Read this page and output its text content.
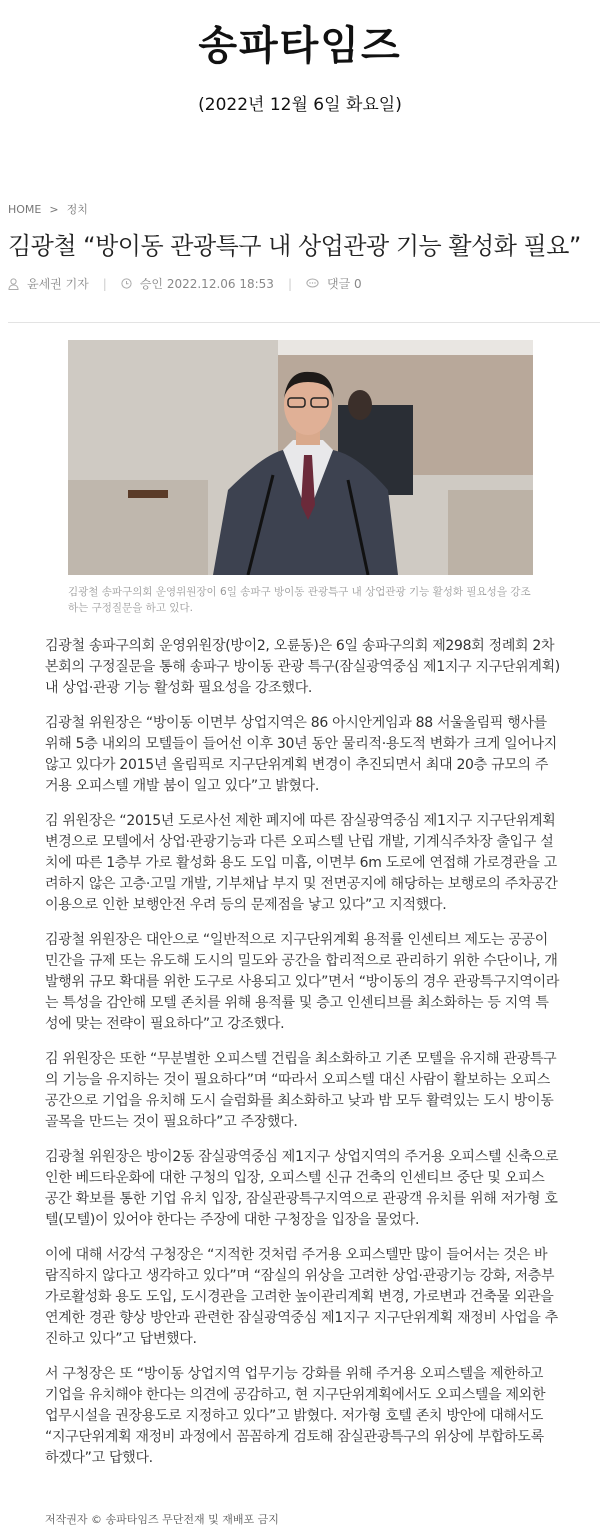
송파타임즈
(2022년 12월 6일 화요일)
HOME > 정치
김광철 “방이동 관광특구 내 상업관광 기능 활성화 필요”
윤세권 기자 |	승인 2022.12.06 18:53 |	댓글 0
김광철 송파구의회 운영위원장이 6일 송파구 방이동 관광특구 내 상업관광 기능 활성화 필요성을 강조하는 구정질문을 하고 있다.

김광철 송파구의회 운영위원장(방이2, 오륜동)은 6일 송파구의회 제298회 정례회 2차 본회의 구정질문을 통해 송파구 방이동 관광 특구(잠실광역중심 제1지구 지구단위계획) 내 상업·관광 기능 활성화 필요성을 강조했다.

김광철 위원장은 “방이동 이면부 상업지역은 86 아시안게임과 88 서울올림픽 행사를 위해 5층 내외의 모텔들이 들어선 이후 30년 동안 물리적·용도적 변화가 크게 일어나지 않고 있다가 2015년 올림픽로 지구단위계획 변경이 추진되면서 최대 20층 규모의 주거용 오피스텔 개발 붐이 일고 있다”고 밝혔다.

김 위원장은 “2015년 도로사선 제한 폐지에 따른 잠실광역중심 제1지구 지구단위계획 변경으로 모텔에서 상업·관광기능과 다른 오피스텔 난립 개발, 기계식주차장 출입구 설치에 따른 1층부 가로 활성화 용도 도입 미흡, 이면부 6m 도로에 연접해 가로경관을 고려하지 않은 고층·고밀 개발, 기부채납 부지 및 전면공지에 해당하는 보행로의 주차공간 이용으로 인한 보행안전 우려 등의 문제점을 낳고 있다”고 지적했다.

김광철 위원장은 대안으로 “일반적으로 지구단위계획 용적률 인센티브 제도는 공공이 민간을 규제 또는 유도해 도시의 밀도와 공간을 합리적으로 관리하기 위한 수단이나, 개발행위 규모 확대를 위한 도구로 사용되고 있다”면서 “방이동의 경우 관광특구지역이라는 특성을 감안해 모텔 존치를 위해 용적률 및 층고 인센티브를 최소화하는 등 지역 특성에 맞는 전략이 필요하다”고 강조했다.

김 위원장은 또한 “무분별한 오피스텔 건립을 최소화하고 기존 모텔을 유지해 관광특구의 기능을 유지하는 것이 필요하다”며 “따라서 오피스텔 대신 사람이 활보하는 오피스 공간으로 기업을 유치해 도시 슬럼화를 최소화하고 낮과 밤 모두 활력있는 도시 방이동 골목을 만드는 것이 필요하다”고 주장했다.

김광철 위원장은 방이2동 잠실광역중심 제1지구 상업지역의 주거용 오피스텔 신축으로 인한 베드타운화에 대한 구청의 입장, 오피스텔 신규 건축의 인센티브 중단 및 오피스 공간 확보를 통한 기업 유치 입장, 잠실관광특구지역으로 관광객 유치를 위해 저가형 호텔(모텔)이 있어야 한다는 주장에 대한 구청장을 입장을 물었다.

이에 대해 서강석 구청장은 “지적한 것처럼 주거용 오피스텔만 많이 들어서는 것은 바람직하지 않다고 생각하고 있다”며 “잠실의 위상을 고려한 상업·관광기능 강화, 저층부 가로활성화 용도 도입, 도시경관을 고려한 높이관리계획 변경, 가로변과 건축물 외관을 연계한 경관 향상 방안과 관련한 잠실광역중심 제1지구 지구단위계획 재정비 사업을 추진하고 있다”고 답변했다.

서 구청장은 또 “방이동 상업지역 업무기능 강화를 위해 주거용 오피스텔을 제한하고 기업을 유치해야 한다는 의견에 공감하고, 현 지구단위계획에서도 오피스텔을 제외한 업무시설을 권장용도로 지정하고 있다”고 밝혔다. 저가형 호텔 존치 방안에 대해서도 “지구단위계획 재정비 과정에서 꼼꼼하게 검토해 잠실관광특구의 위상에 부합하도록 하겠다”고 답했다.

저작권자 © 송파타임즈 무단전재 및 재배포 금지
